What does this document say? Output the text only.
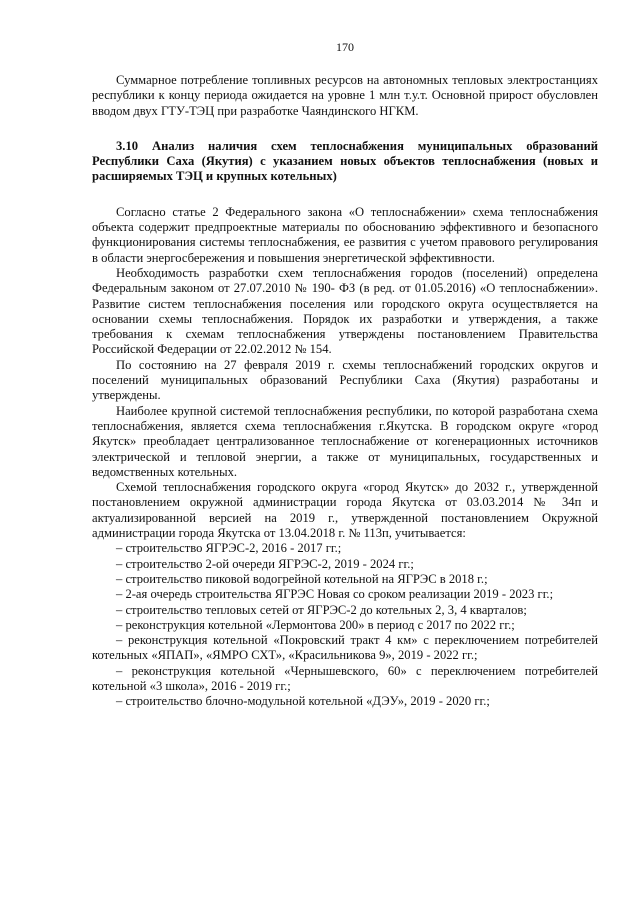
170

Суммарное потребление топливных ресурсов на автономных тепловых электростанциях республики к концу периода ожидается на уровне 1 млн т.у.т. Основной прирост обусловлен вводом двух ГТУ-ТЭЦ при разработке Чаяндинского НГКМ.

3.10 Анализ наличия схем теплоснабжения муниципальных образований Республики Саха (Якутия) с указанием новых объектов теплоснабжения (новых и расширяемых ТЭЦ и крупных котельных)

Согласно статье 2 Федерального закона «О теплоснабжении» схема теплоснабжения объекта содержит предпроектные материалы по обоснованию эффективного и безопасного функционирования системы теплоснабжения, ее развития с учетом правового регулирования в области энергосбережения и повышения энергетической эффективности.

Необходимость разработки схем теплоснабжения городов (поселений) определена Федеральным законом от 27.07.2010 № 190- ФЗ (в ред. от 01.05.2016) «О теплоснабжении». Развитие систем теплоснабжения поселения или городского округа осуществляется на основании схемы теплоснабжения. Порядок их разработки и утверждения, а также требования к схемам теплоснабжения утверждены постановлением Правительства Российской Федерации от 22.02.2012 № 154.

По состоянию на 27 февраля 2019 г. схемы теплоснабжений городских округов и поселений муниципальных образований Республики Саха (Якутия) разработаны и утверждены.

Наиболее крупной системой теплоснабжения республики, по которой разработана схема теплоснабжения, является схема теплоснабжения г.Якутска. В городском округе «город Якутск» преобладает централизованное теплоснабжение от когенерационных источников электрической и тепловой энергии, а также от муниципальных, государственных и ведомственных котельных.

Схемой теплоснабжения городского округа «город Якутск» до 2032 г., утвержденной постановлением окружной администрации города Якутска от 03.03.2014 № 34п и актуализированной версией на 2019 г., утвержденной постановлением Окружной администрации города Якутска от 13.04.2018 г. № 113п, учитывается:

– строительство ЯГРЭС-2, 2016 - 2017 гг.;
– строительство 2-ой очереди ЯГРЭС-2, 2019 - 2024 гг.;
– строительство пиковой водогрейной котельной на ЯГРЭС в 2018 г.;
– 2-ая очередь строительства ЯГРЭС Новая со сроком реализации 2019 - 2023 гг.;
– строительство тепловых сетей от ЯГРЭС-2 до котельных 2, 3, 4 кварталов;
– реконструкция котельной «Лермонтова 200» в период с 2017 по 2022 гг.;
– реконструкция котельной «Покровский тракт 4 км» с переключением потребителей котельных «ЯПАП», «ЯМРО СХТ», «Красильникова 9», 2019 - 2022 гг.;
– реконструкция котельной «Чернышевского, 60» с переключением потребителей котельной «3 школа», 2016 - 2019 гг.;
– строительство блочно-модульной котельной «ДЭУ», 2019 - 2020 гг.;
